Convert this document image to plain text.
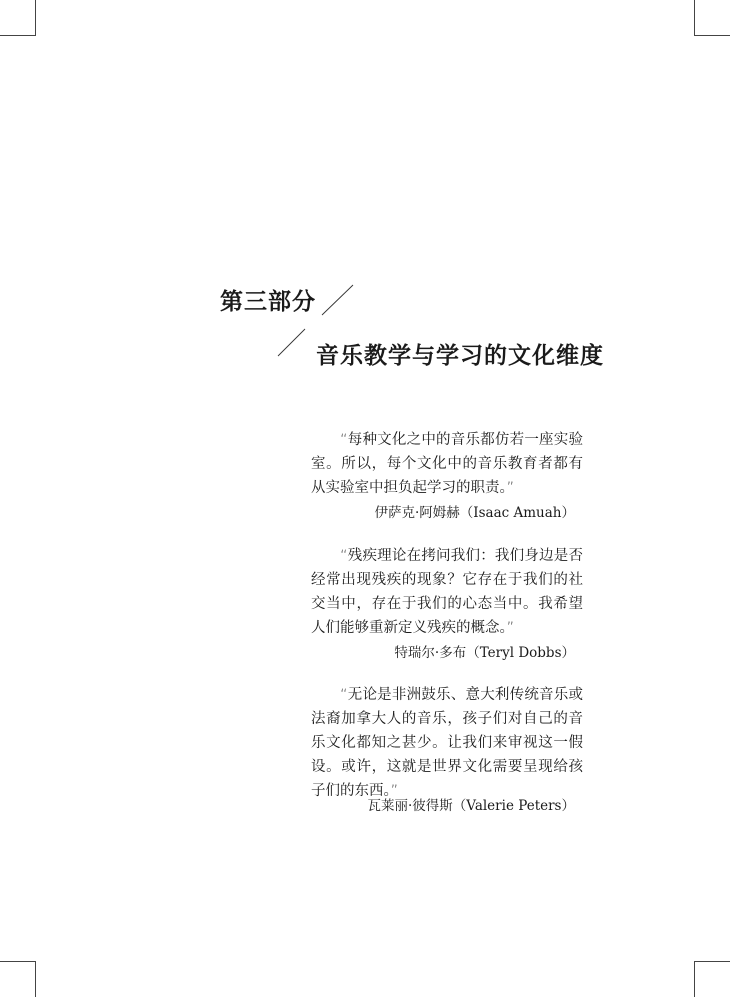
第三部分
音乐教学与学习的文化维度
“每种文化之中的音乐都仿若一座实验室。所以，每个文化中的音乐教育者都有从实验室中担负起学习的职责。”
伊萨克·阿姆赫（Isaac Amuah）
“残疾理论在拷问我们：我们身边是否经常出现残疾的现象？它存在于我们的社交当中，存在于我们的心态当中。我希望人们能够重新定义残疾的概念。”
特瑞尔·多布（Teryl Dobbs）
“无论是非洲鼓乐、意大利传统音乐或法裔加拿大人的音乐，孩子们对自己的音乐文化都知之甚少。让我们来审视这一假设。或许，这就是世界文化需要呈现给孩子们的东西。”
瓦莱丽·彼得斯（Valerie Peters）
